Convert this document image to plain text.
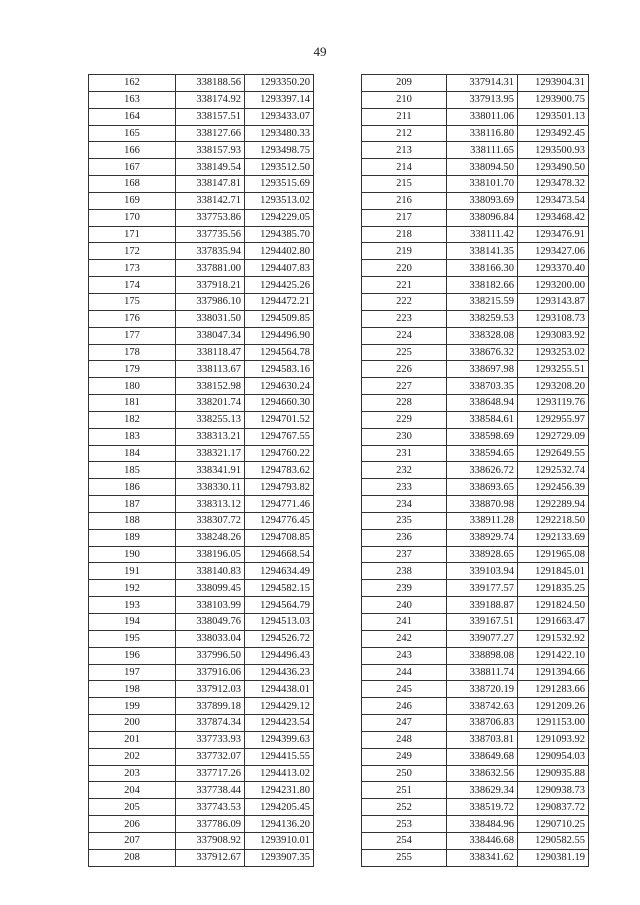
49
162	338188.56	1293350.20
163	338174.92	1293397.14
164	338157.51	1293433.07
165	338127.66	1293480.33
166	338157.93	1293498.75
167	338149.54	1293512.50
168	338147.81	1293515.69
169	338142.71	1293513.02
170	337753.86	1294229.05
171	337735.56	1294385.70
172	337835.94	1294402.80
173	337881.00	1294407.83
174	337918.21	1294425.26
175	337986.10	1294472.21
176	338031.50	1294509.85
177	338047.34	1294496.90
178	338118.47	1294564.78
179	338113.67	1294583.16
180	338152.98	1294630.24
181	338201.74	1294660.30
182	338255.13	1294701.52
183	338313.21	1294767.55
184	338321.17	1294760.22
185	338341.91	1294783.62
186	338330.11	1294793.82
187	338313.12	1294771.46
188	338307.72	1294776.45
189	338248.26	1294708.85
190	338196.05	1294668.54
191	338140.83	1294634.49
192	338099.45	1294582.15
193	338103.99	1294564.79
194	338049.76	1294513.03
195	338033.04	1294526.72
196	337996.50	1294496.43
197	337916.06	1294436.23
198	337912.03	1294438.01
199	337899.18	1294429.12
200	337874.34	1294423.54
201	337733.93	1294399.63
202	337732.07	1294415.55
203	337717.26	1294413.02
204	337738.44	1294231.80
205	337743.53	1294205.45
206	337786.09	1294136.20
207	337908.92	1293910.01
208	337912.67	1293907.35
209	337914.31	1293904.31
210	337913.95	1293900.75
211	338011.06	1293501.13
212	338116.80	1293492.45
213	338111.65	1293500.93
214	338094.50	1293490.50
215	338101.70	1293478.32
216	338093.69	1293473.54
217	338096.84	1293468.42
218	338111.42	1293476.91
219	338141.35	1293427.06
220	338166.30	1293370.40
221	338182.66	1293200.00
222	338215.59	1293143.87
223	338259.53	1293108.73
224	338328.08	1293083.92
225	338676.32	1293253.02
226	338697.98	1293255.51
227	338703.35	1293208.20
228	338648.94	1293119.76
229	338584.61	1292955.97
230	338598.69	1292729.09
231	338594.65	1292649.55
232	338626.72	1292532.74
233	338693.65	1292456.39
234	338870.98	1292289.94
235	338911.28	1292218.50
236	338929.74	1292133.69
237	338928.65	1291965.08
238	339103.94	1291845.01
239	339177.57	1291835.25
240	339188.87	1291824.50
241	339167.51	1291663.47
242	339077.27	1291532.92
243	338898.08	1291422.10
244	338811.74	1291394.66
245	338720.19	1291283.66
246	338742.63	1291209.26
247	338706.83	1291153.00
248	338703.81	1291093.92
249	338649.68	1290954.03
250	338632.56	1290935.88
251	338629.34	1290938.73
252	338519.72	1290837.72
253	338484.96	1290710.25
254	338446.68	1290582.55
255	338341.62	1290381.19
